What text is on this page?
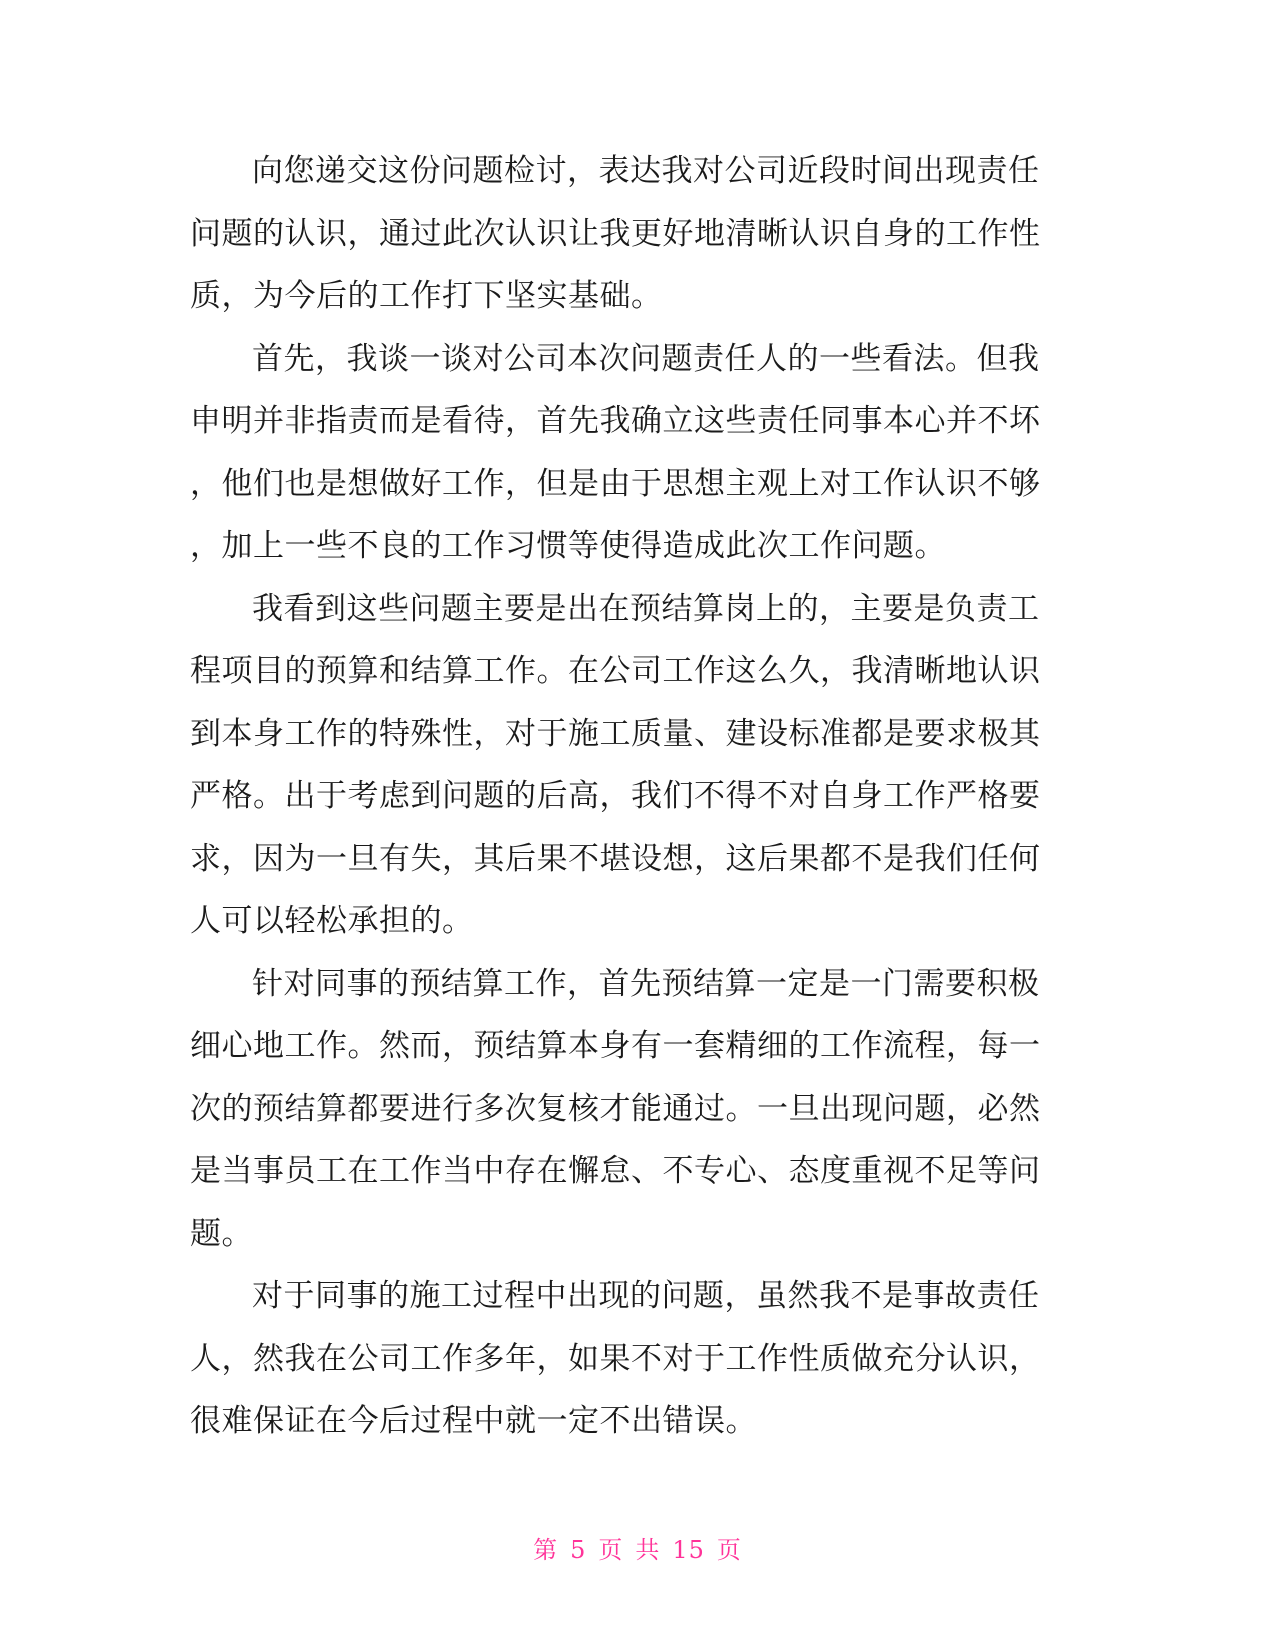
向您递交这份问题检讨，表达我对公司近段时间出现责任
问题的认识，通过此次认识让我更好地清晰认识自身的工作性
质，为今后的工作打下坚实基础。
首先，我谈一谈对公司本次问题责任人的一些看法。但我
申明并非指责而是看待，首先我确立这些责任同事本心并不坏
，他们也是想做好工作，但是由于思想主观上对工作认识不够
，加上一些不良的工作习惯等使得造成此次工作问题。
我看到这些问题主要是出在预结算岗上的，主要是负责工
程项目的预算和结算工作。在公司工作这么久，我清晰地认识
到本身工作的特殊性，对于施工质量、建设标准都是要求极其
严格。出于考虑到问题的后高，我们不得不对自身工作严格要
求，因为一旦有失，其后果不堪设想，这后果都不是我们任何
人可以轻松承担的。
针对同事的预结算工作，首先预结算一定是一门需要积极
细心地工作。然而，预结算本身有一套精细的工作流程，每一
次的预结算都要进行多次复核才能通过。一旦出现问题，必然
是当事员工在工作当中存在懈怠、不专心、态度重视不足等问
题。
对于同事的施工过程中出现的问题，虽然我不是事故责任
人，然我在公司工作多年，如果不对于工作性质做充分认识，
很难保证在今后过程中就一定不出错误。
第 5 页 共 15 页
